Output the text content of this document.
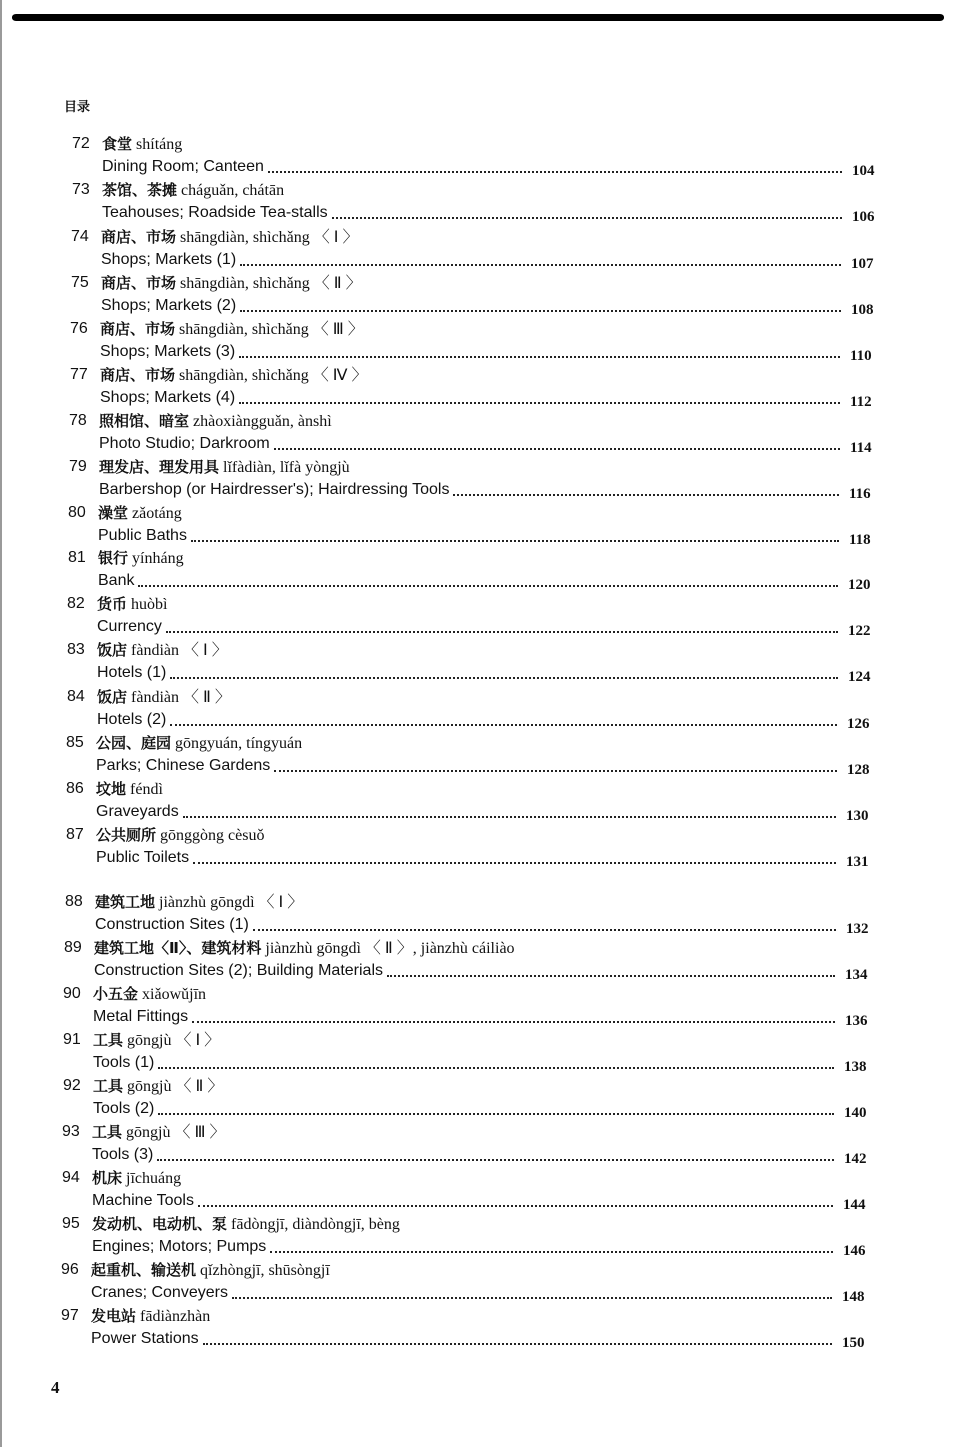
目录
72 食堂 shítáng
Dining Room; Canteen	104
73 茶馆、茶摊 cháguǎn, chátān
Teahouses; Roadside Tea-stalls	106
74 商店、市场 shāngdiàn, shìchǎng 〈 Ⅰ 〉
Shops; Markets (1)	107
75 商店、市场 shāngdiàn, shìchǎng 〈 Ⅱ 〉
Shops; Markets (2)	108
76 商店、市场 shāngdiàn, shìchǎng 〈 Ⅲ 〉
Shops; Markets (3)	110
77 商店、市场 shāngdiàn, shìchǎng 〈 Ⅳ 〉
Shops; Markets (4)	112
78 照相馆、暗室 zhàoxiàngguǎn, ànshì
Photo Studio; Darkroom	114
79 理发店、理发用具 lǐfàdiàn, lǐfà yòngjù
Barbershop (or Hairdresser's); Hairdressing Tools	116
80 澡堂 zǎotáng
Public Baths	118
81 银行 yínháng
Bank	120
82 货币 huòbì
Currency	122
83 饭店 fàndiàn 〈 Ⅰ 〉
Hotels (1)	124
84 饭店 fàndiàn 〈 Ⅱ 〉
Hotels (2)	126
85 公园、庭园 gōngyuán, tíngyuán
Parks; Chinese Gardens	128
86 坟地 féndì
Graveyards	130
87 公共厕所 gōnggòng cèsuǒ
Public Toilets	131
88 建筑工地 jiànzhù gōngdì 〈 Ⅰ 〉
Construction Sites (1)	132
89 建筑工地〈Ⅱ〉、建筑材料 jiànzhù gōngdì 〈 Ⅱ 〉, jiànzhù cáiliào
Construction Sites (2); Building Materials	134
90 小五金 xiǎowǔjīn
Metal Fittings	136
91 工具 gōngjù 〈 Ⅰ 〉
Tools (1)	138
92 工具 gōngjù 〈 Ⅱ 〉
Tools (2)	140
93 工具 gōngjù 〈 Ⅲ 〉
Tools (3)	142
94 机床 jīchuáng
Machine Tools	144
95 发动机、电动机、泵 fādòngjī, diàndòngjī, bèng
Engines; Motors; Pumps	146
96 起重机、输送机 qǐzhòngjī, shūsòngjī
Cranes; Conveyers	148
97 发电站 fādiànzhàn
Power Stations	150
4
